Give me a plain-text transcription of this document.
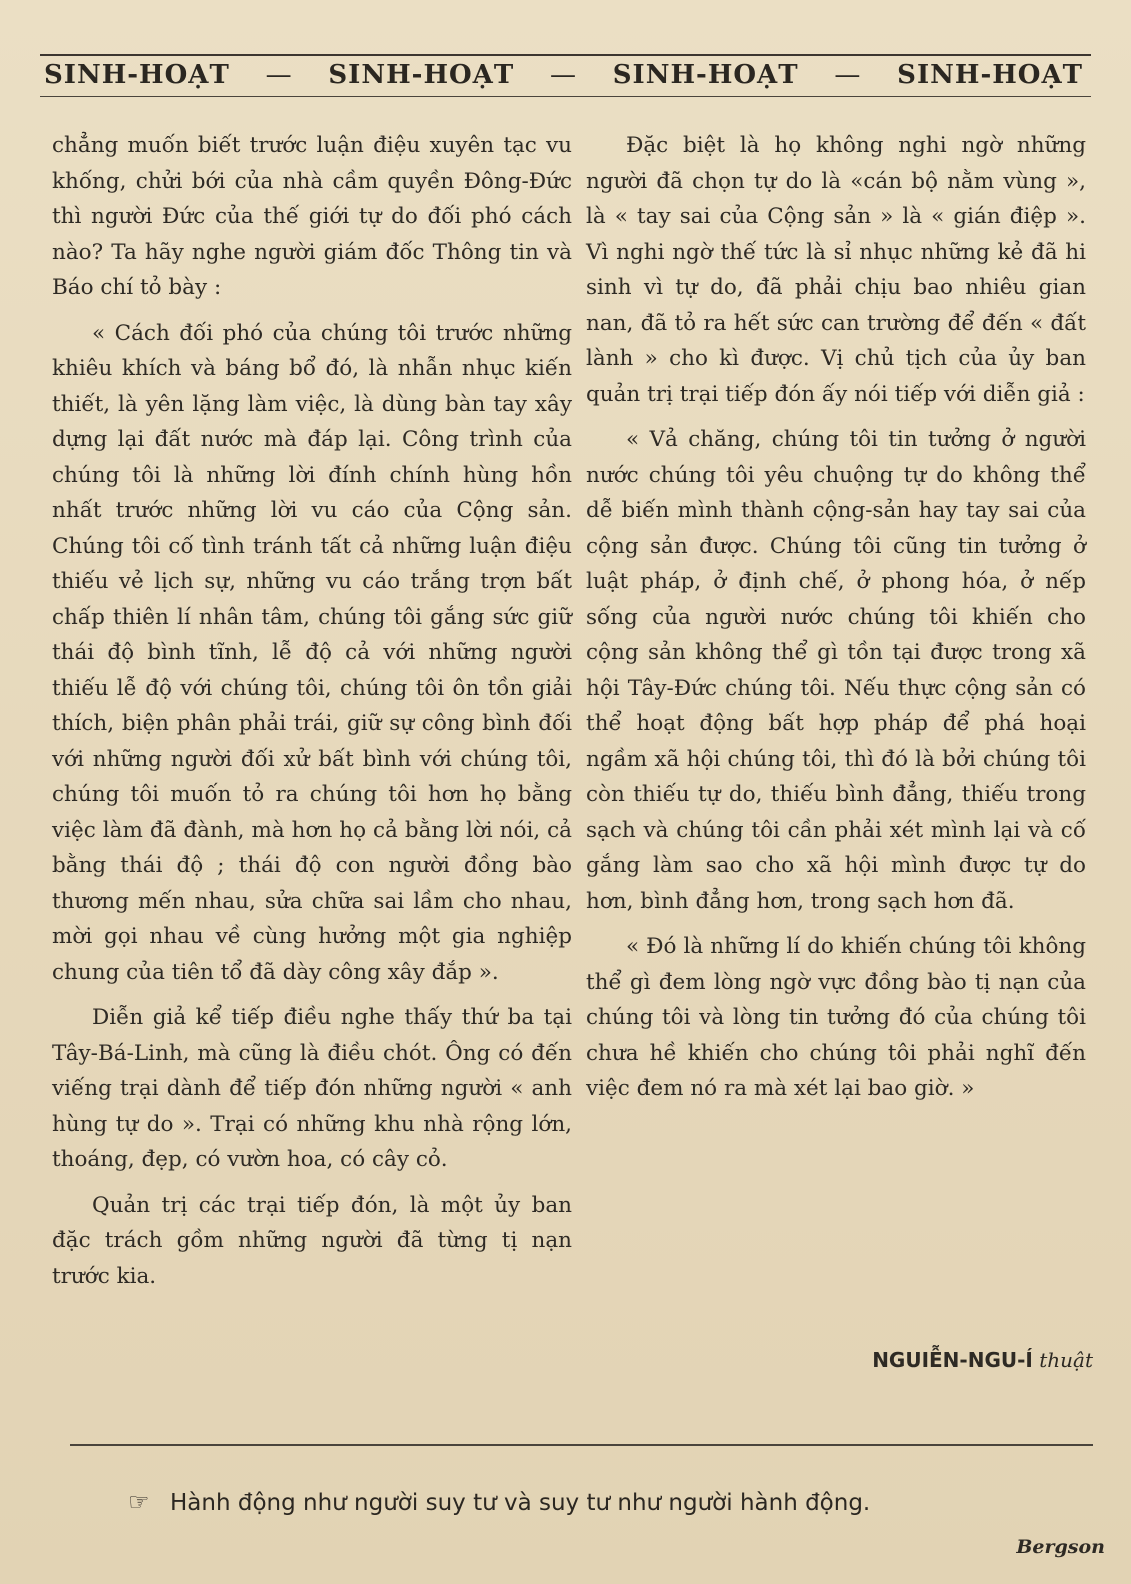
SINH-HOẠT — SINH-HOẠT — SINH-HOẠT — SINH-HOẠT

chẳng muốn biết trước luận điệu xuyên tạc vu khống, chửi bới của nhà cầm quyền Đông-Đức thì người Đức của thế giới tự do đối phó cách nào? Ta hãy nghe người giám đốc Thông tin và Báo chí tỏ bày :

« Cách đối phó của chúng tôi trước những khiêu khích và báng bổ đó, là nhẫn nhục kiến thiết, là yên lặng làm việc, là dùng bàn tay xây dựng lại đất nước mà đáp lại. Công trình của chúng tôi là những lời đính chính hùng hồn nhất trước những lời vu cáo của Cộng sản. Chúng tôi cố tình tránh tất cả những luận điệu thiếu vẻ lịch sự, những vu cáo trắng trợn bất chấp thiên lí nhân tâm, chúng tôi gắng sức giữ thái độ bình tĩnh, lễ độ cả với những người thiếu lễ độ với chúng tôi, chúng tôi ôn tồn giải thích, biện phân phải trái, giữ sự công bình đối với những người đối xử bất bình với chúng tôi, chúng tôi muốn tỏ ra chúng tôi hơn họ bằng việc làm đã đành, mà hơn họ cả bằng lời nói, cả bằng thái độ ; thái độ con người đồng bào thương mến nhau, sửa chữa sai lầm cho nhau, mời gọi nhau về cùng hưởng một gia nghiệp chung của tiên tổ đã dày công xây đắp ».

Diễn giả kể tiếp điều nghe thấy thứ ba tại Tây-Bá-Linh, mà cũng là điều chót. Ông có đến viếng trại dành để tiếp đón những người « anh hùng tự do ». Trại có những khu nhà rộng lớn, thoáng, đẹp, có vườn hoa, có cây cỏ.

Quản trị các trại tiếp đón, là một ủy ban đặc trách gồm những người đã từng tị nạn trước kia.

Đặc biệt là họ không nghi ngờ những người đã chọn tự do là «cán bộ nằm vùng », là « tay sai của Cộng sản » là « gián điệp ». Vì nghi ngờ thế tức là sỉ nhục những kẻ đã hi sinh vì tự do, đã phải chịu bao nhiêu gian nan, đã tỏ ra hết sức can trường để đến « đất lành » cho kì được. Vị chủ tịch của ủy ban quản trị trại tiếp đón ấy nói tiếp với diễn giả :

« Vả chăng, chúng tôi tin tưởng ở người nước chúng tôi yêu chuộng tự do không thể dễ biến mình thành cộng-sản hay tay sai của cộng sản được. Chúng tôi cũng tin tưởng ở luật pháp, ở định chế, ở phong hóa, ở nếp sống của người nước chúng tôi khiến cho cộng sản không thể gì tồn tại được trong xã hội Tây-Đức chúng tôi. Nếu thực cộng sản có thể hoạt động bất hợp pháp để phá hoại ngầm xã hội chúng tôi, thì đó là bởi chúng tôi còn thiếu tự do, thiếu bình đẳng, thiếu trong sạch và chúng tôi cần phải xét mình lại và cố gắng làm sao cho xã hội mình được tự do hơn, bình đẳng hơn, trong sạch hơn đã.

« Đó là những lí do khiến chúng tôi không thể gì đem lòng ngờ vực đồng bào tị nạn của chúng tôi và lòng tin tưởng đó của chúng tôi chưa hề khiến cho chúng tôi phải nghĩ đến việc đem nó ra mà xét lại bao giờ. »

NGUIỄN-NGU-Í thuật
☞ Hành động như người suy tư và suy tư như người hành động.
Bergson
